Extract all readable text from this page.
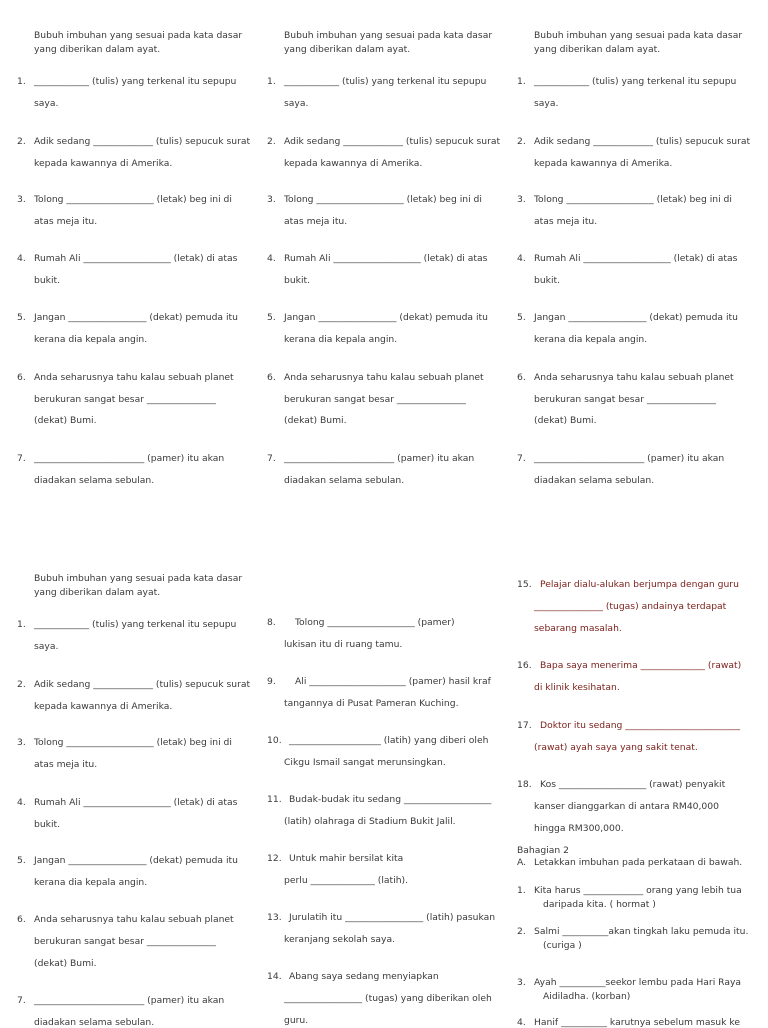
Bubuh imbuhan yang sesuai pada kata dasar yang diberikan dalam ayat.
1. ____________ (tulis) yang terkenal itu sepupu
saya.
2. Adik sedang _____________ (tulis) sepucuk surat
kepada kawannya di Amerika.
3. Tolong ___________________ (letak) beg ini di
atas meja itu.
4. Rumah Ali ___________________ (letak) di atas
bukit.
5. Jangan _________________ (dekat) pemuda itu
kerana dia kepala angin.
6. Anda seharusnya tahu kalau sebuah planet
berukuran sangat besar _______________
(dekat) Bumi.
7. ________________________ (pamer) itu akan
diadakan selama sebulan.
Bubuh imbuhan yang sesuai pada kata dasar yang diberikan dalam ayat.
1. ____________ (tulis) yang terkenal itu sepupu
saya.
2. Adik sedang _____________ (tulis) sepucuk surat
kepada kawannya di Amerika.
3. Tolong ___________________ (letak) beg ini di
atas meja itu.
4. Rumah Ali ___________________ (letak) di atas
bukit.
5. Jangan _________________ (dekat) pemuda itu
kerana dia kepala angin.
6. Anda seharusnya tahu kalau sebuah planet
berukuran sangat besar _______________
(dekat) Bumi.
7. ________________________ (pamer) itu akan
diadakan selama sebulan.
Bubuh imbuhan yang sesuai pada kata dasar yang diberikan dalam ayat.
1. ____________ (tulis) yang terkenal itu sepupu
saya.
2. Adik sedang _____________ (tulis) sepucuk surat
kepada kawannya di Amerika.
3. Tolong ___________________ (letak) beg ini di
atas meja itu.
4. Rumah Ali ___________________ (letak) di atas
bukit.
5. Jangan _________________ (dekat) pemuda itu
kerana dia kepala angin.
6. Anda seharusnya tahu kalau sebuah planet
berukuran sangat besar _______________
(dekat) Bumi.
7. ________________________ (pamer) itu akan
diadakan selama sebulan.
Bubuh imbuhan yang sesuai pada kata dasar yang diberikan dalam ayat.
1. ____________ (tulis) yang terkenal itu sepupu
saya.
2. Adik sedang _____________ (tulis) sepucuk surat
kepada kawannya di Amerika.
3. Tolong ___________________ (letak) beg ini di
atas meja itu.
4. Rumah Ali ___________________ (letak) di atas
bukit.
5. Jangan _________________ (dekat) pemuda itu
kerana dia kepala angin.
6. Anda seharusnya tahu kalau sebuah planet
berukuran sangat besar _______________
(dekat) Bumi.
7. ________________________ (pamer) itu akan
diadakan selama sebulan.
8. Tolong ___________________ (pamer)
lukisan itu di ruang tamu.
9. Ali _____________________ (pamer) hasil kraf
tangannya di Pusat Pameran Kuching.
10. ____________________ (latih) yang diberi oleh
Cikgu Ismail sangat merunsingkan.
11. Budak-budak itu sedang ___________________
(latih) olahraga di Stadium Bukit Jalil.
12. Untuk mahir bersilat kita
perlu ______________ (latih).
13. Jurulatih itu _________________ (latih) pasukan
keranjang sekolah saya.
14. Abang saya sedang menyiapkan
_________________ (tugas) yang diberikan oleh
guru.
15. Pelajar dialu-alukan berjumpa dengan guru
_______________ (tugas) andainya terdapat
sebarang masalah.
16. Bapa saya menerima ______________ (rawat)
di klinik kesihatan.
17. Doktor itu sedang _________________________
(rawat) ayah saya yang sakit tenat.
18. Kos ___________________ (rawat) penyakit
kanser dianggarkan di antara RM40,000
hingga RM300,000.
Bahagian 2
A. Letakkan imbuhan pada perkataan di bawah.
1. Kita harus _____________ orang yang lebih tua
daripada kita. ( hormat )
2. Salmi __________akan tingkah laku pemuda itu.
(curiga )
3. Ayah __________seekor lembu pada Hari Raya
Aidiladha. (korban)
4. Hanif __________ karutnya sebelum masuk ke
